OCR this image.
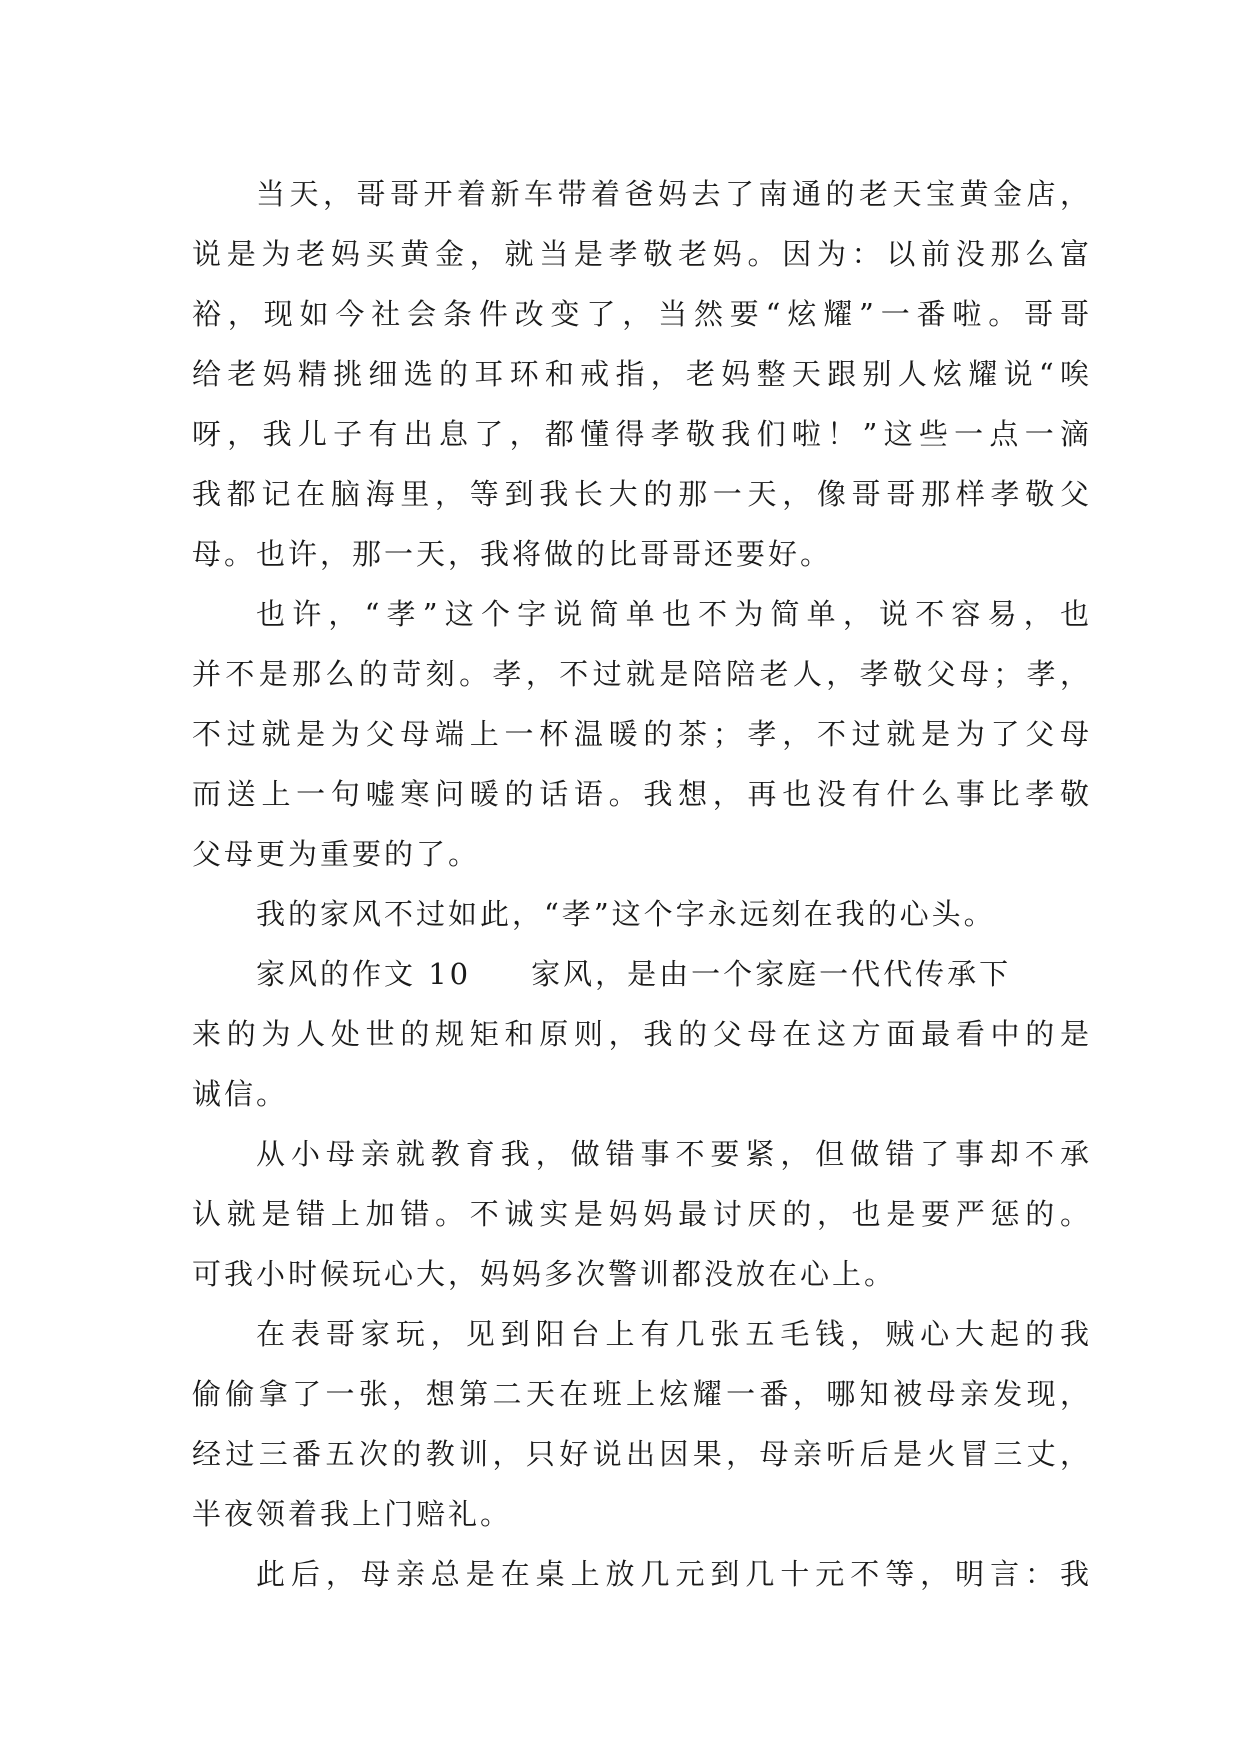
当天，哥哥开着新车带着爸妈去了南通的老天宝黄金店，
说是为老妈买黄金，就当是孝敬老妈。因为：以前没那么富
裕，现如今社会条件改变了，当然要“炫耀”一番啦。哥哥
给老妈精挑细选的耳环和戒指，老妈整天跟别人炫耀说“唉
呀，我儿子有出息了，都懂得孝敬我们啦！”这些一点一滴
我都记在脑海里，等到我长大的那一天，像哥哥那样孝敬父
母。也许，那一天，我将做的比哥哥还要好。
也许，“孝”这个字说简单也不为简单，说不容易，也
并不是那么的苛刻。孝，不过就是陪陪老人，孝敬父母；孝，
不过就是为父母端上一杯温暖的茶；孝，不过就是为了父母
而送上一句嘘寒问暖的话语。我想，再也没有什么事比孝敬
父母更为重要的了。
我的家风不过如此，“孝”这个字永远刻在我的心头。
家风的作文 10 家风，是由一个家庭一代代传承下
来的为人处世的规矩和原则，我的父母在这方面最看中的是
诚信。
从小母亲就教育我，做错事不要紧，但做错了事却不承
认就是错上加错。不诚实是妈妈最讨厌的，也是要严惩的。
可我小时候玩心大，妈妈多次警训都没放在心上。
在表哥家玩，见到阳台上有几张五毛钱，贼心大起的我
偷偷拿了一张，想第二天在班上炫耀一番，哪知被母亲发现，
经过三番五次的教训，只好说出因果，母亲听后是火冒三丈，
半夜领着我上门赔礼。
此后，母亲总是在桌上放几元到几十元不等，明言：我
